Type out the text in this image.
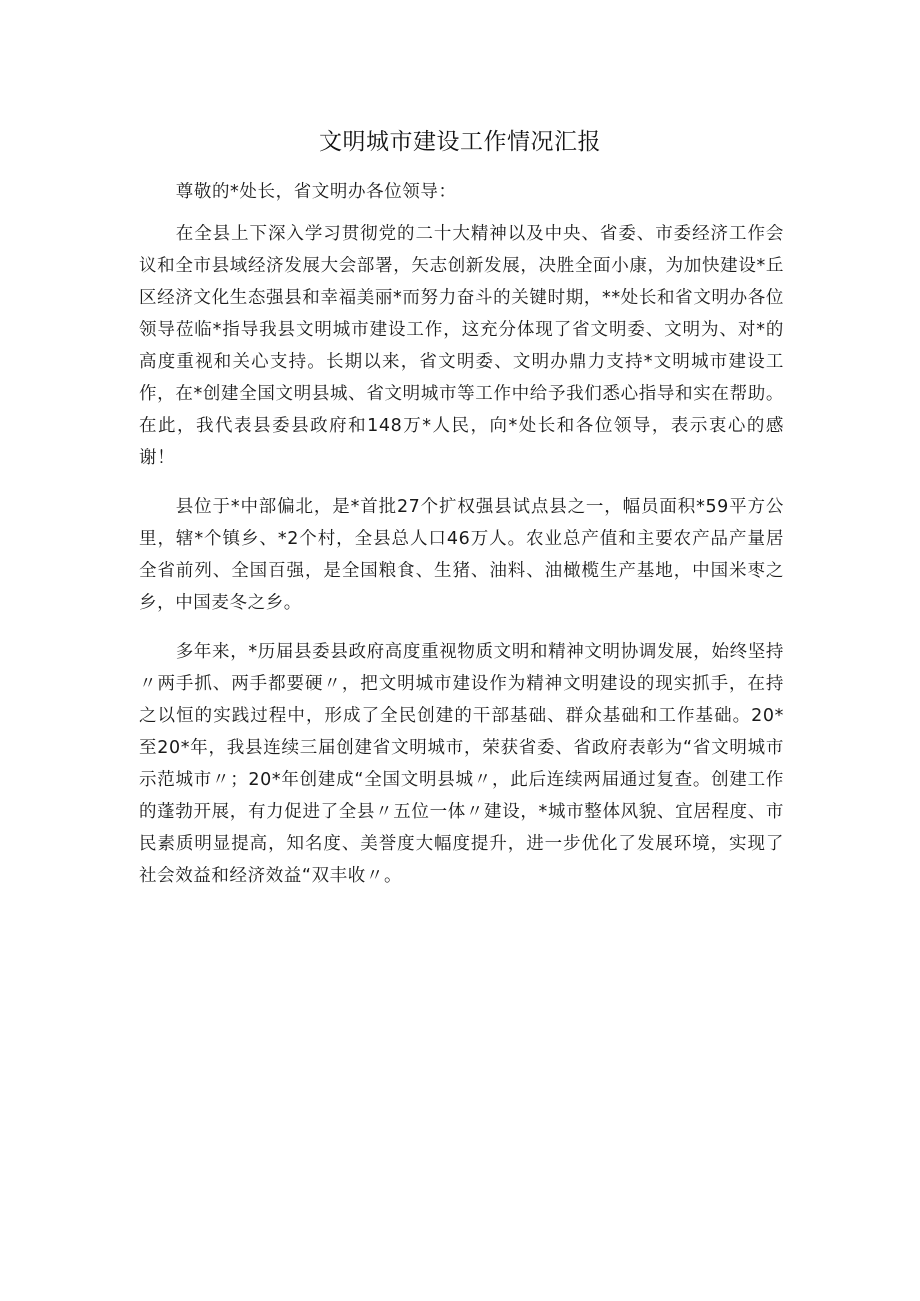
文明城市建设工作情况汇报

尊敬的*处长，省文明办各位领导：

在全县上下深入学习贯彻党的二十大精神以及中央、省委、市委经济工作会议和全市县域经济发展大会部署，矢志创新发展，决胜全面小康，为加快建设*丘区经济文化生态强县和幸福美丽*而努力奋斗的关键时期，**处长和省文明办各位领导莅临*指导我县文明城市建设工作，这充分体现了省文明委、文明为、对*的高度重视和关心支持。长期以来，省文明委、文明办鼎力支持*文明城市建设工作，在*创建全国文明县城、省文明城市等工作中给予我们悉心指导和实在帮助。在此，我代表县委县政府和148万*人民，向*处长和各位领导，表示衷心的感谢！

县位于*中部偏北，是*首批27个扩权强县试点县之一，幅员面积*59平方公里，辖*个镇乡、*2个村，全县总人口46万人。农业总产值和主要农产品产量居全省前列、全国百强，是全国粮食、生猪、油料、油橄榄生产基地，中国米枣之乡，中国麦冬之乡。

多年来，*历届县委县政府高度重视物质文明和精神文明协调发展，始终坚持〃两手抓、两手都要硬〃，把文明城市建设作为精神文明建设的现实抓手，在持之以恒的实践过程中，形成了全民创建的干部基础、群众基础和工作基础。20*至20*年，我县连续三届创建省文明城市，荣获省委、省政府表彰为“省文明城市示范城市〃；20*年创建成“全国文明县城〃，此后连续两届通过复查。创建工作的蓬勃开展，有力促进了全县〃五位一体〃建设，*城市整体风貌、宜居程度、市民素质明显提高，知名度、美誉度大幅度提升，进一步优化了发展环境，实现了社会效益和经济效益“双丰收〃。
